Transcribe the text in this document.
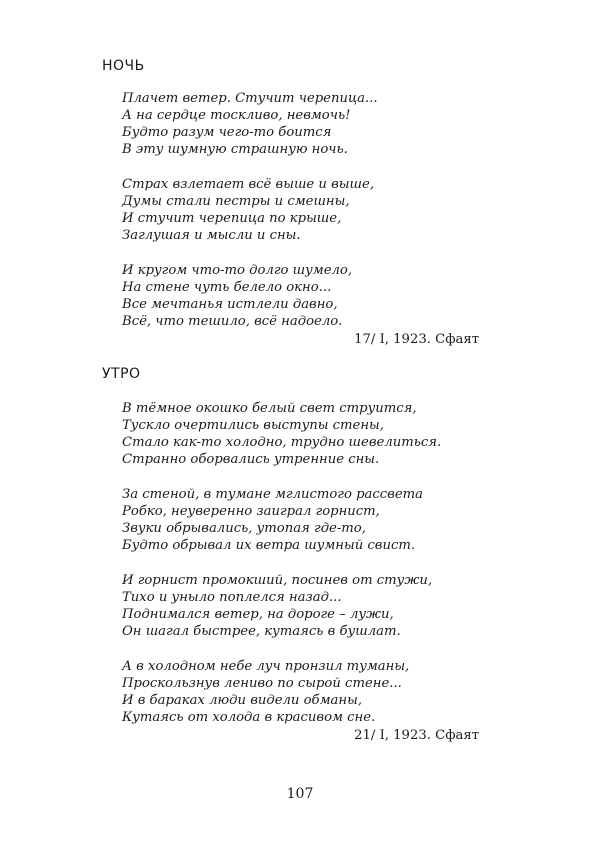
НОЧЬ
Плачет ветер. Стучит черепица...
А на сердце тоскливо, невмочь!
Будто разум чего-то боится
В эту шумную страшную ночь.
Страх взлетает всё выше и выше,
Думы стали пестры и смешны,
И стучит черепица по крыше,
Заглушая и мысли и сны.
И кругом что-то долго шумело,
На стене чуть белело окно...
Все мечтанья истлели давно,
Всё, что тешило, всё надоело.
17/ I, 1923. Сфаят
УТРО
В тёмное окошко белый свет струится,
Тускло очертились выступы стены,
Стало как-то холодно, трудно шевелиться.
Странно оборвались утренние сны.
За стеной, в тумане мглистого рассвета
Робко, неуверенно заиграл горнист,
Звуки обрывались, утопая где-то,
Будто обрывал их ветра шумный свист.
И горнист промокший, посинев от стужи,
Тихо и уныло поплелся назад...
Поднимался ветер, на дороге – лужи,
Он шагал быстрее, кутаясь в бушлат.
А в холодном небе луч пронзил туманы,
Проскользнув лениво по сырой стене...
И в бараках люди видели обманы,
Кутаясь от холода в красивом сне.
21/ I, 1923. Сфаят
107
